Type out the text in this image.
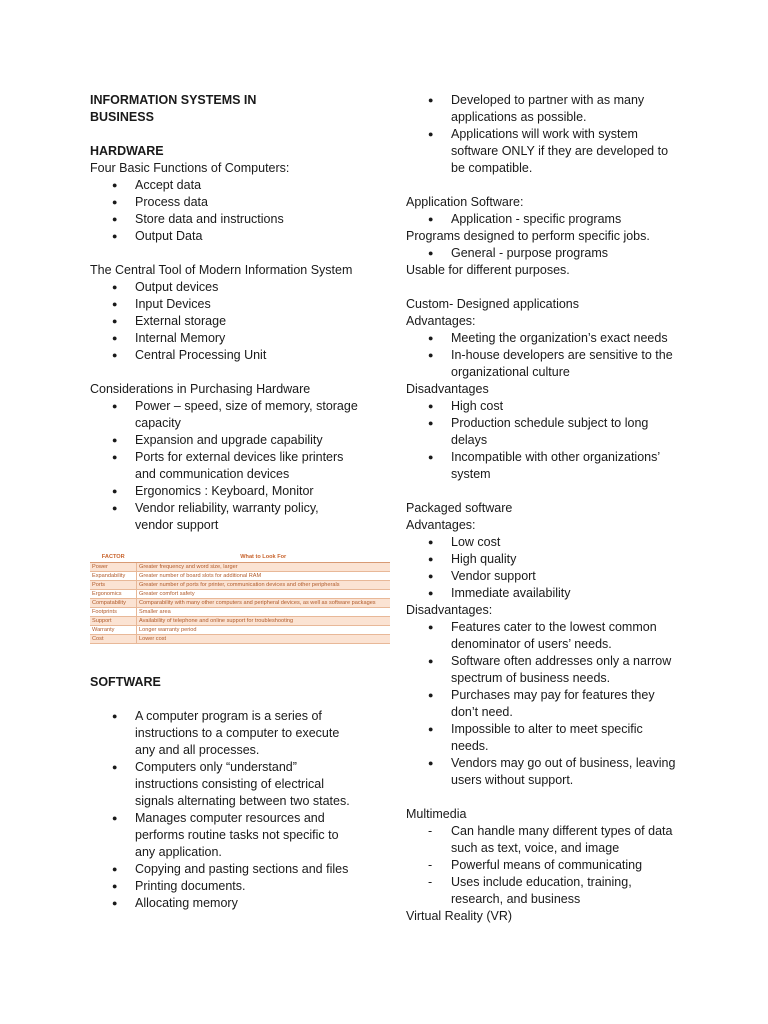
INFORMATION SYSTEMS IN

BUSINESS

HARDWARE

Four Basic Functions of Computers:

● Accept data
● Process data
● Store data and instructions
● Output Data

The Central Tool of Modern Information System

● Output devices
● Input Devices
● External storage
● Internal Memory
● Central Processing Unit

Considerations in Purchasing Hardware

● Power – speed, size of memory, storage
capacity
● Expansion and upgrade capability
● Ports for external devices like printers
and communication devices
● Ergonomics : Keyboard, Monitor
● Vendor reliability, warranty policy,
vendor support
FACTOR	What to Look For
Power	Greater frequency and word size, larger
Expandability	Greater number of board slots for additional RAM
Ports	Greater number of ports for printer, communication devices and other peripherals
Ergonomics	Greater comfort safety
Compatability	Comparability with many other computers and peripheral devices, as well as software packages
Footprints	Smaller area
Support	Availability of telephone and online support for troubleshooting
Warranty	Longer warranty period
Cost	Lower cost

SOFTWARE

● A computer program is a series of
instructions to a computer to execute
any and all processes.
● Computers only “understand”
instructions consisting of electrical
signals alternating between two states.
● Manages computer resources and
performs routine tasks not specific to
any application.
● Copying and pasting sections and files
● Printing documents.
● Allocating memory
● Developed to partner with as many
applications as possible.
● Applications will work with system
software ONLY if they are developed to
be compatible.

Application Software:

● Application - specific programs

Programs designed to perform specific jobs.

● General - purpose programs

Usable for different purposes.

Custom- Designed applications

Advantages:

● Meeting the organization’s exact needs
● In-house developers are sensitive to the
organizational culture

Disadvantages

● High cost
● Production schedule subject to long
delays
● Incompatible with other organizations’
system

Packaged software

Advantages:

● Low cost
● High quality
● Vendor support
● Immediate availability

Disadvantages:

● Features cater to the lowest common
denominator of users’ needs.
● Software often addresses only a narrow
spectrum of business needs.
● Purchases may pay for features they
don’t need.
● Impossible to alter to meet specific
needs.
● Vendors may go out of business, leaving
users without support.

Multimedia

- Can handle many different types of data
such as text, voice, and image
- Powerful means of communicating
- Uses include education, training,
research, and business

Virtual Reality (VR)
